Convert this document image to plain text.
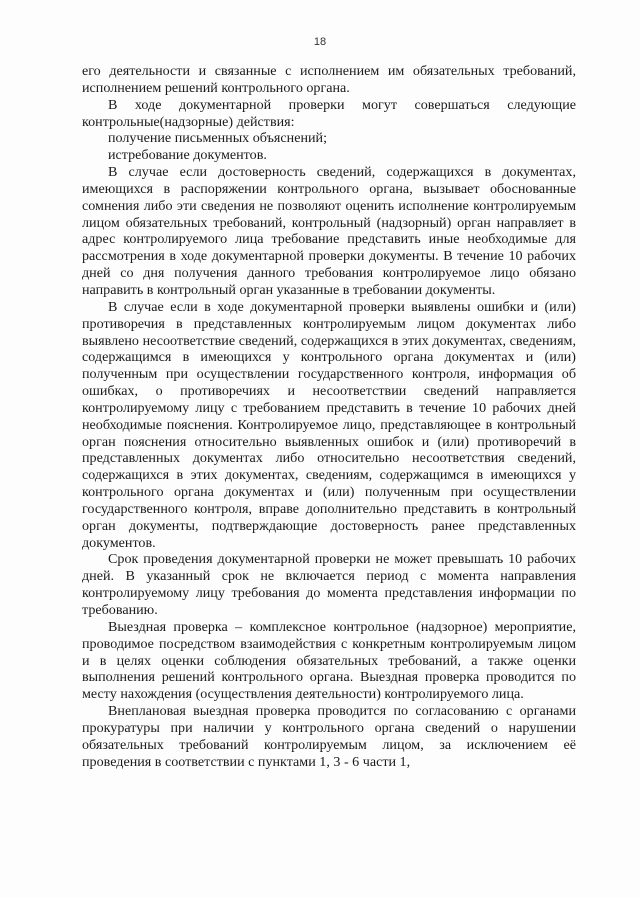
18

его деятельности и связанные с исполнением им обязательных требований, исполнением решений контрольного органа.

В ходе документарной проверки могут совершаться следующие контрольные(надзорные) действия:

получение письменных объяснений;

истребование документов.

В случае если достоверность сведений, содержащихся в документах, имеющихся в распоряжении контрольного органа, вызывает обоснованные сомнения либо эти сведения не позволяют оценить исполнение контролируемым лицом обязательных требований, контрольный (надзорный) орган направляет в адрес контролируемого лица требование представить иные необходимые для рассмотрения в ходе документарной проверки документы. В течение 10 рабочих дней со дня получения данного требования контролируемое лицо обязано направить в контрольный орган указанные в требовании документы.

В случае если в ходе документарной проверки выявлены ошибки и (или) противоречия в представленных контролируемым лицом документах либо выявлено несоответствие сведений, содержащихся в этих документах, сведениям, содержащимся в имеющихся у контрольного органа документах и (или) полученным при осуществлении государственного контроля, информация об ошибках, о противоречиях и несоответствии сведений направляется контролируемому лицу с требованием представить в течение 10 рабочих дней необходимые пояснения. Контролируемое лицо, представляющее в контрольный орган пояснения относительно выявленных ошибок и (или) противоречий в представленных документах либо относительно несоответствия сведений, содержащихся в этих документах, сведениям, содержащимся в имеющихся у контрольного органа документах и (или) полученным при осуществлении государственного контроля, вправе дополнительно представить в контрольный орган документы, подтверждающие достоверность ранее представленных документов.

Срок проведения документарной проверки не может превышать 10 рабочих дней. В указанный срок не включается период с момента направления контролируемому лицу требования до момента представления информации по требованию.

Выездная проверка – комплексное контрольное (надзорное) мероприятие, проводимое посредством взаимодействия с конкретным контролируемым лицом и в целях оценки соблюдения обязательных требований, а также оценки выполнения решений контрольного органа. Выездная проверка проводится по месту нахождения (осуществления деятельности) контролируемого лица.

Внеплановая выездная проверка проводится по согласованию с органами прокуратуры при наличии у контрольного органа сведений о нарушении обязательных требований контролируемым лицом, за исключением её проведения в соответствии с пунктами 1, 3 - 6 части 1,
